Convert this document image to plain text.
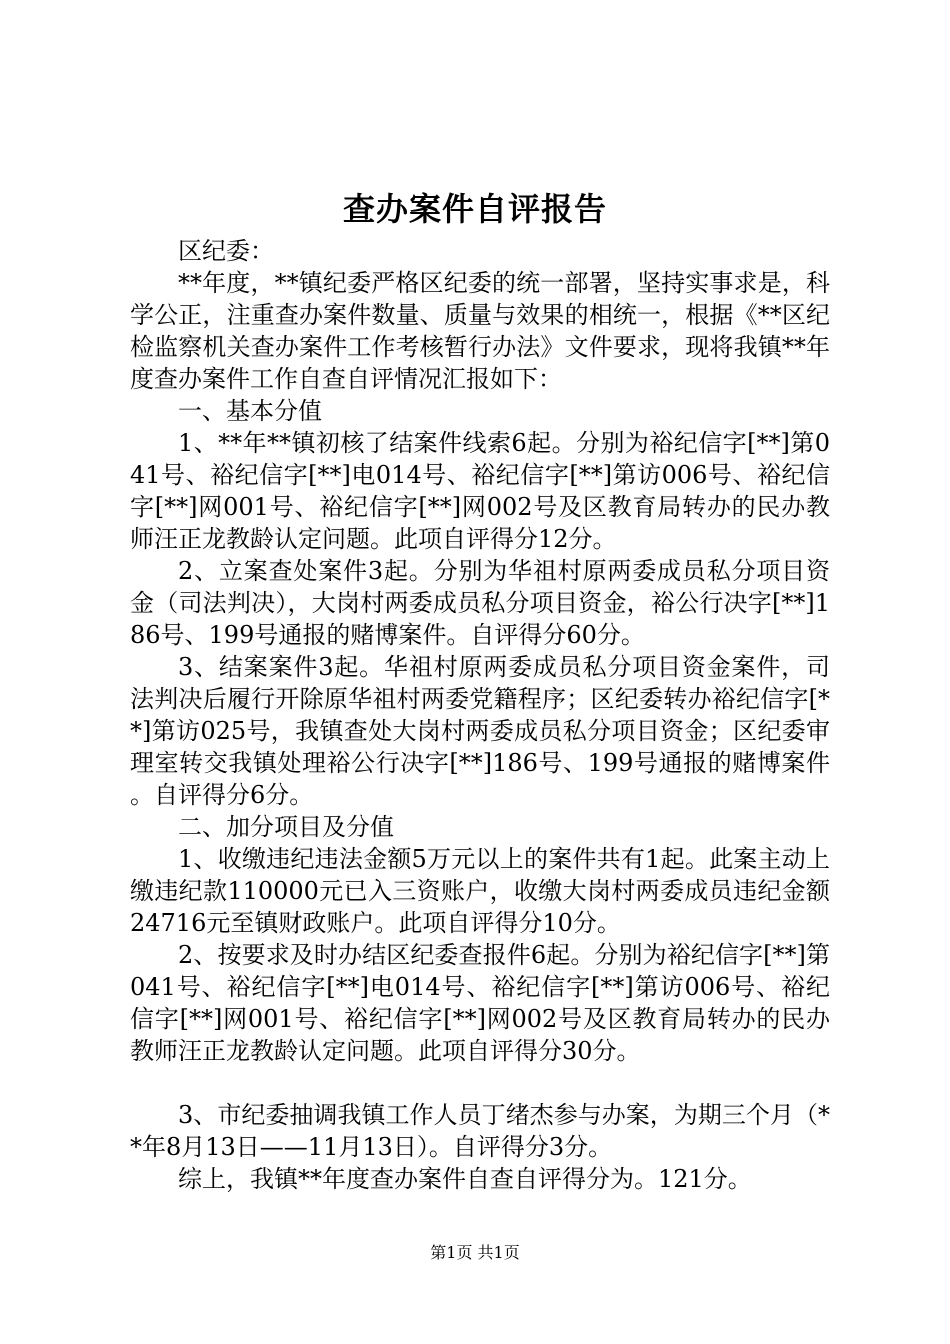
查办案件自评报告

区纪委：

**年度，**镇纪委严格区纪委的统一部署，坚持实事求是，科学公正，注重查办案件数量、质量与效果的相统一，根据《**区纪检监察机关查办案件工作考核暂行办法》文件要求，现将我镇**年度查办案件工作自查自评情况汇报如下：

一、基本分值

1、**年**镇初核了结案件线索6起。分别为裕纪信字[**]第041号、裕纪信字[**]电014号、裕纪信字[**]第访006号、裕纪信字[**]网001号、裕纪信字[**]网002号及区教育局转办的民办教师汪正龙教龄认定问题。此项自评得分12分。

2、立案查处案件3起。分别为华祖村原两委成员私分项目资金（司法判决），大岗村两委成员私分项目资金，裕公行决字[**]186号、199号通报的赌博案件。自评得分60分。

3、结案案件3起。华祖村原两委成员私分项目资金案件，司法判决后履行开除原华祖村两委党籍程序；区纪委转办裕纪信字[**]第访025号，我镇查处大岗村两委成员私分项目资金；区纪委审理室转交我镇处理裕公行决字[**]186号、199号通报的赌博案件。自评得分6分。

二、加分项目及分值

1、收缴违纪违法金额5万元以上的案件共有1起。此案主动上缴违纪款110000元已入三资账户，收缴大岗村两委成员违纪金额24716元至镇财政账户。此项自评得分10分。

2、按要求及时办结区纪委查报件6起。分别为裕纪信字[**]第041号、裕纪信字[**]电014号、裕纪信字[**]第访006号、裕纪信字[**]网001号、裕纪信字[**]网002号及区教育局转办的民办教师汪正龙教龄认定问题。此项自评得分30分。

3、市纪委抽调我镇工作人员丁绪杰参与办案，为期三个月（**年8月13日——11月13日）。自评得分3分。

综上，我镇**年度查办案件自查自评得分为。121分。

第1页 共1页
